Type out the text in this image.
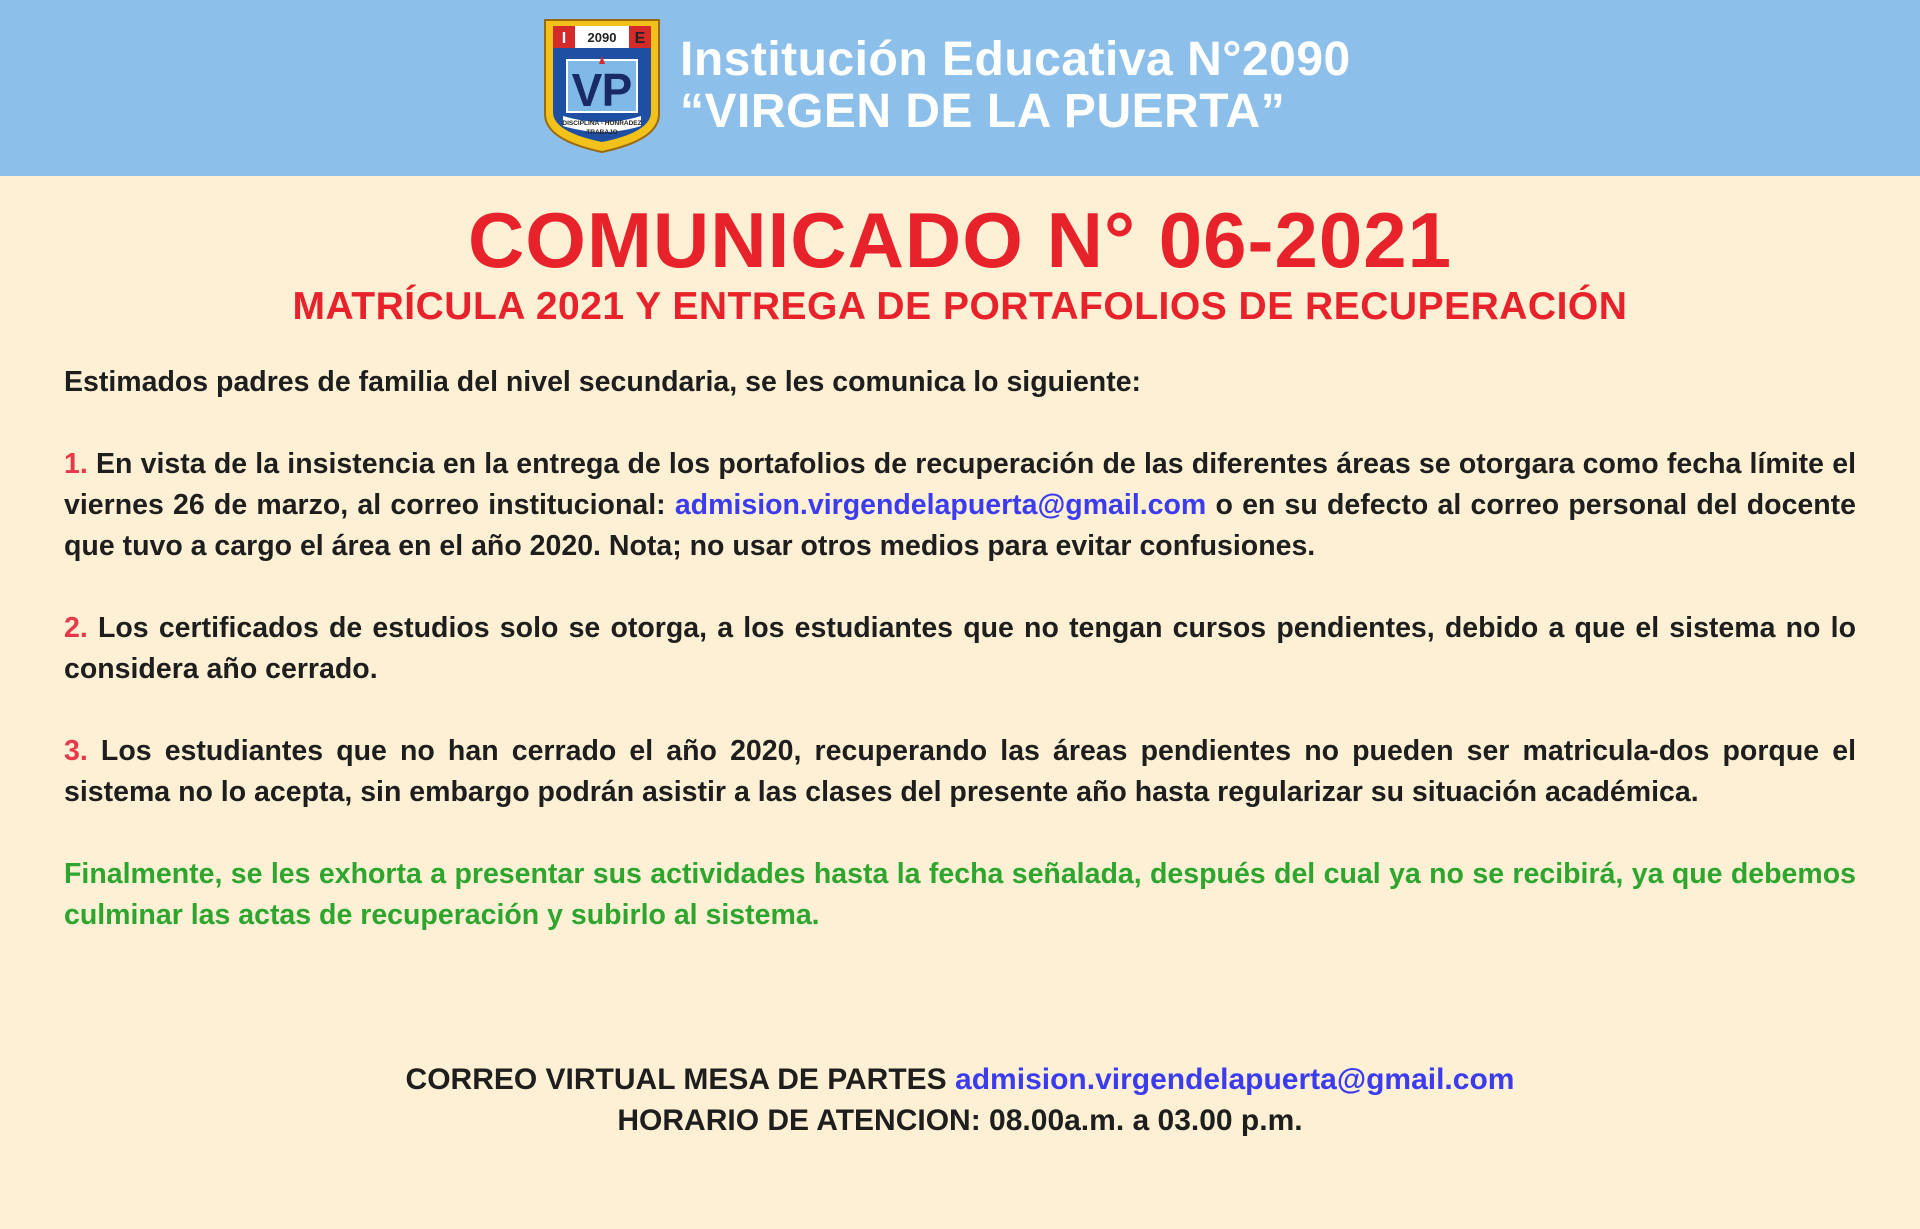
I 2090 E
V P
DISCIPLINA - HONRADEZ
TRABAJO
Institución Educativa N°2090
“VIRGEN DE LA PUERTA”
COMUNICADO N° 06-2021
MATRÍCULA 2021 Y ENTREGA DE PORTAFOLIOS DE RECUPERACIÓN

Estimados padres de familia del nivel secundaria, se les comunica lo siguiente:

1. En vista de la insistencia en la entrega de los portafolios de recuperación de las diferentes áreas se otorgara como fecha límite el viernes 26 de marzo, al correo institucional: admision.virgendelapuerta@gmail.com o en su defecto al correo personal del docente que tuvo a cargo el área en el año 2020. Nota; no usar otros medios para evitar confusiones.

2. Los certificados de estudios solo se otorga, a los estudiantes que no tengan cursos pendientes, debido a que el sistema no lo considera año cerrado.

3. Los estudiantes que no han cerrado el año 2020, recuperando las áreas pendientes no pueden ser matricula-dos porque el sistema no lo acepta, sin embargo podrán asistir a las clases del presente año hasta regularizar su situación académica.

Finalmente, se les exhorta a presentar sus actividades hasta la fecha señalada, después del cual ya no se recibirá, ya que debemos culminar las actas de recuperación y subirlo al sistema.

CORREO VIRTUAL MESA DE PARTES admision.virgendelapuerta@gmail.com
HORARIO DE ATENCION: 08.00a.m. a 03.00 p.m.
